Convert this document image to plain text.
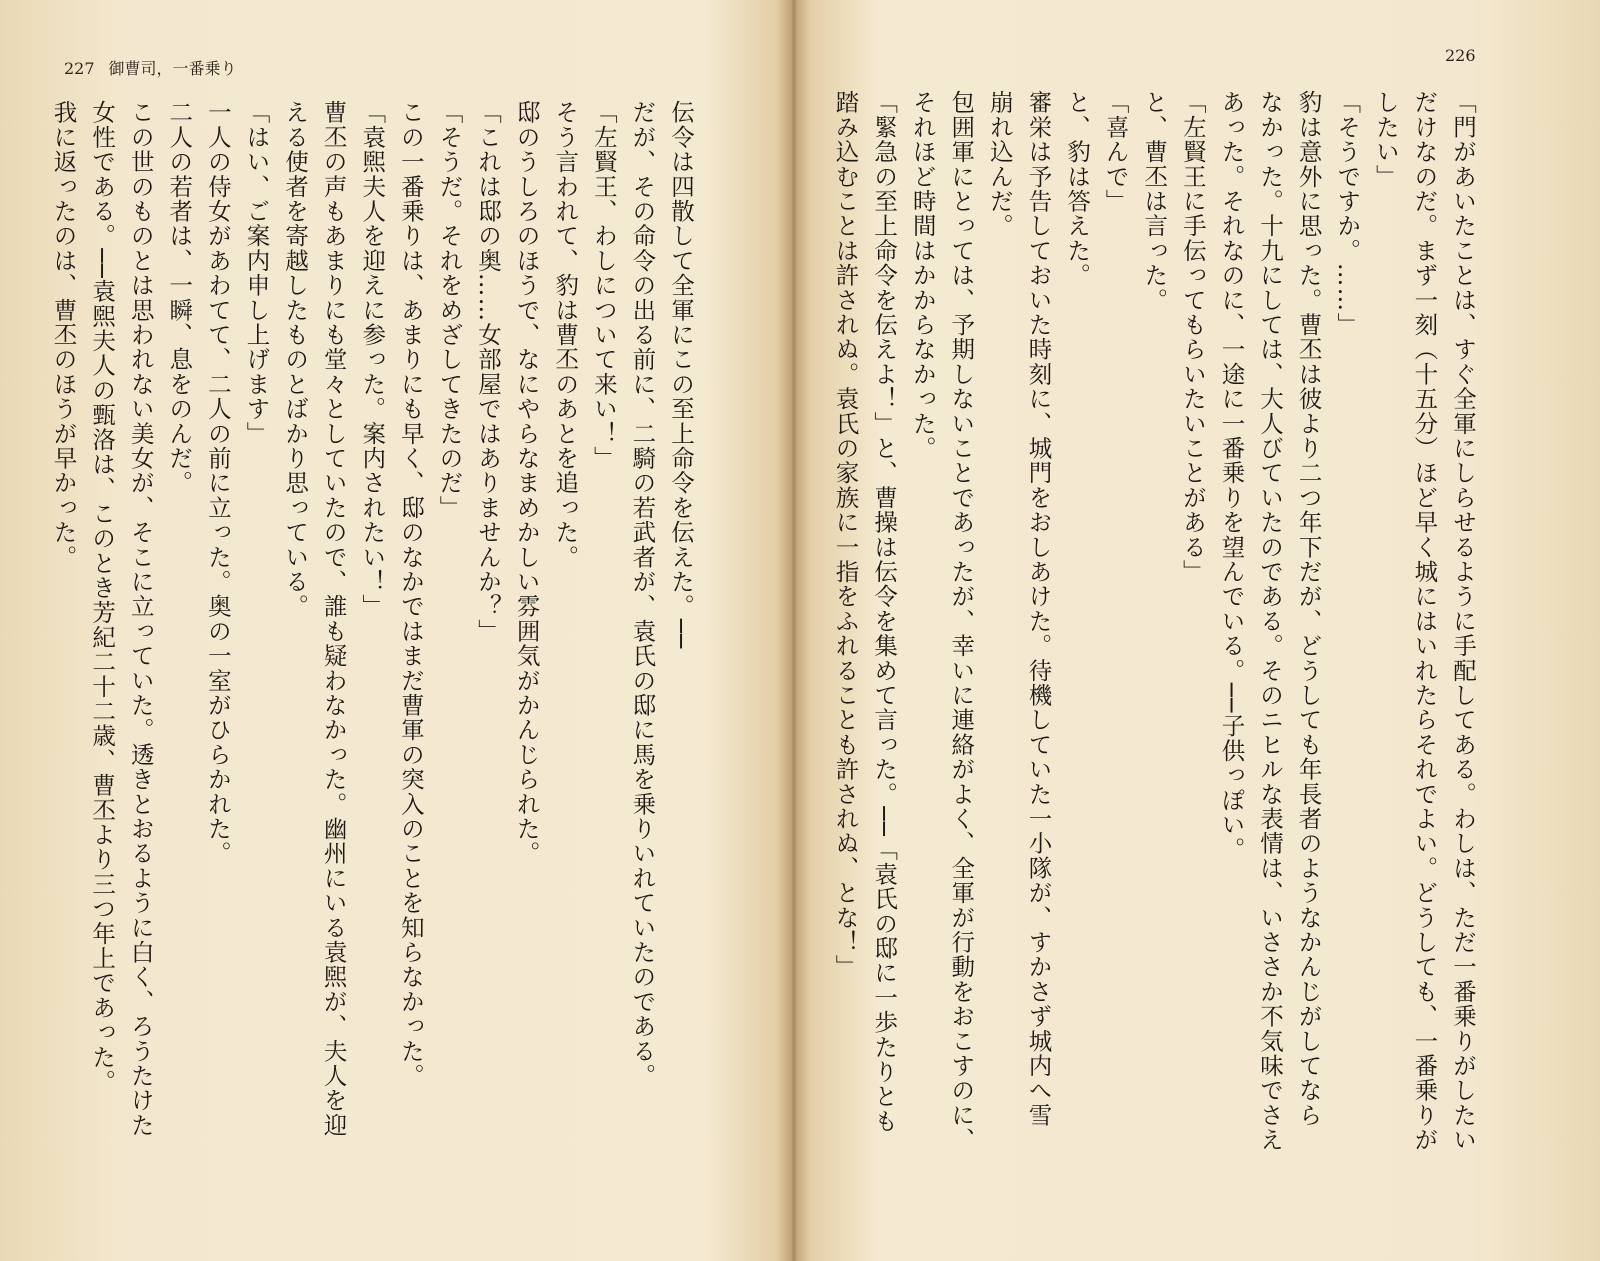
227 御曹司，一番乗り
伝令は四散して全軍にこの至上命令を伝えた。──
だが、その命令の出る前に、二騎の若武者が、袁氏の邸に馬を乗りいれていたのである。
「左賢王、わしについて来い！」
そう言われて、豹は曹丕のあとを追った。
邸のうしろのほうで、なにやらなまめかしい雰囲気がかんじられた。
「これは邸の奥……女部屋ではありませんか？」
「そうだ。それをめざしてきたのだ」
この一番乗りは、あまりにも早く、邸のなかではまだ曹軍の突入のことを知らなかった。
「袁煕夫人を迎えに参った。案内されたい！」
曹丕の声もあまりにも堂々としていたので、誰も疑わなかった。幽州にいる袁煕が、夫人を迎
える使者を寄越したものとばかり思っている。
「はい、ご案内申し上げます」
一人の侍女があわてて、二人の前に立った。奥の一室がひらかれた。
二人の若者は、一瞬、息をのんだ。
この世のものとは思われない美女が、そこに立っていた。透きとおるように白く、ろうたけた
女性である。──袁煕夫人の甄洛は、このとき芳紀二十二歳、曹丕より三つ年上であった。
我に返ったのは、曹丕のほうが早かった。
226
「門があいたことは、すぐ全軍にしらせるように手配してある。わしは、ただ一番乗りがしたい
だけなのだ。まず一刻（十五分）ほど早く城にはいれたらそれでよい。どうしても、一番乗りが
したい」
「そうですか。……」
豹は意外に思った。曹丕は彼より二つ年下だが、どうしても年長者のようなかんじがしてなら
なかった。十九にしては、大人びていたのである。そのニヒルな表情は、いささか不気味でさえ
あった。それなのに、一途に一番乗りを望んでいる。──子供っぽい。
「左賢王に手伝ってもらいたいことがある」
と、曹丕は言った。
「喜んで」
と、豹は答えた。
審栄は予告しておいた時刻に、城門をおしあけた。待機していた一小隊が、すかさず城内へ雪
崩れ込んだ。
包囲軍にとっては、予期しないことであったが、幸いに連絡がよく、全軍が行動をおこすのに、
それほど時間はかからなかった。
「緊急の至上命令を伝えよ！」と、曹操は伝令を集めて言った。──「袁氏の邸に一歩たりとも
踏み込むことは許されぬ。袁氏の家族に一指をふれることも許されぬ、とな！」
